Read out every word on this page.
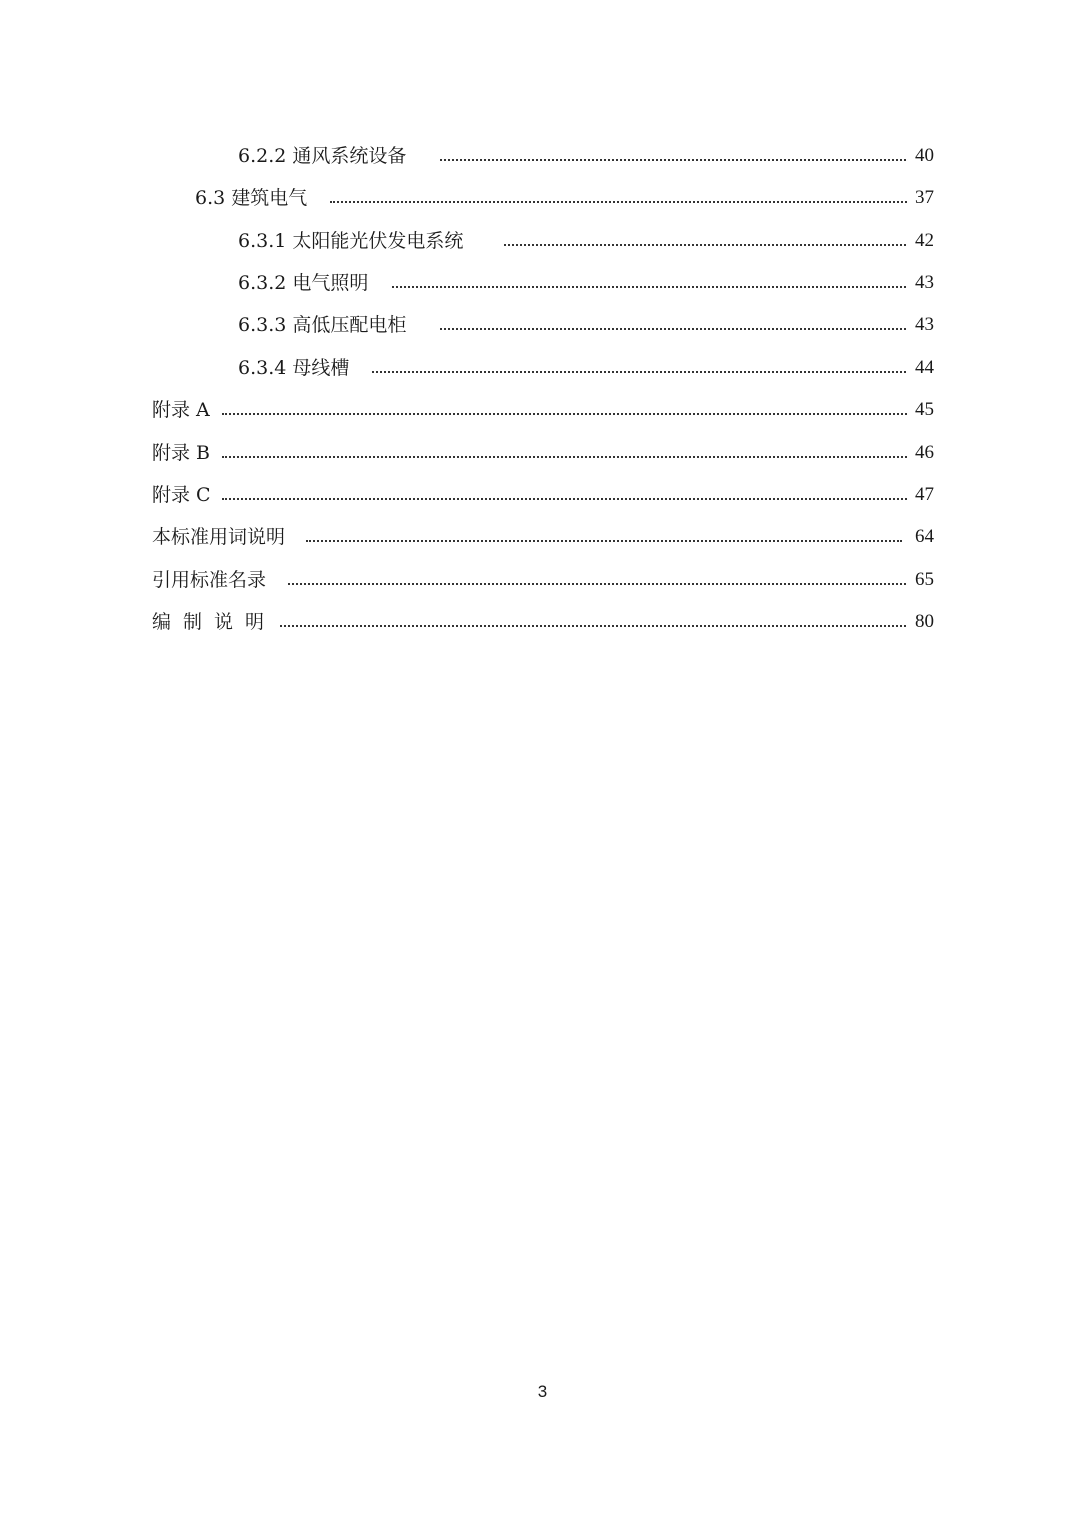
6.2.2 通风系统设备	40
6.3 建筑电气	37
6.3.1 太阳能光伏发电系统	42
6.3.2 电气照明	43
6.3.3 高低压配电柜	43
6.3.4 母线槽	44
附录 A	45
附录 B	46
附录 C	47
本标准用词说明	64
引用标准名录	65
编制说明	80
3
